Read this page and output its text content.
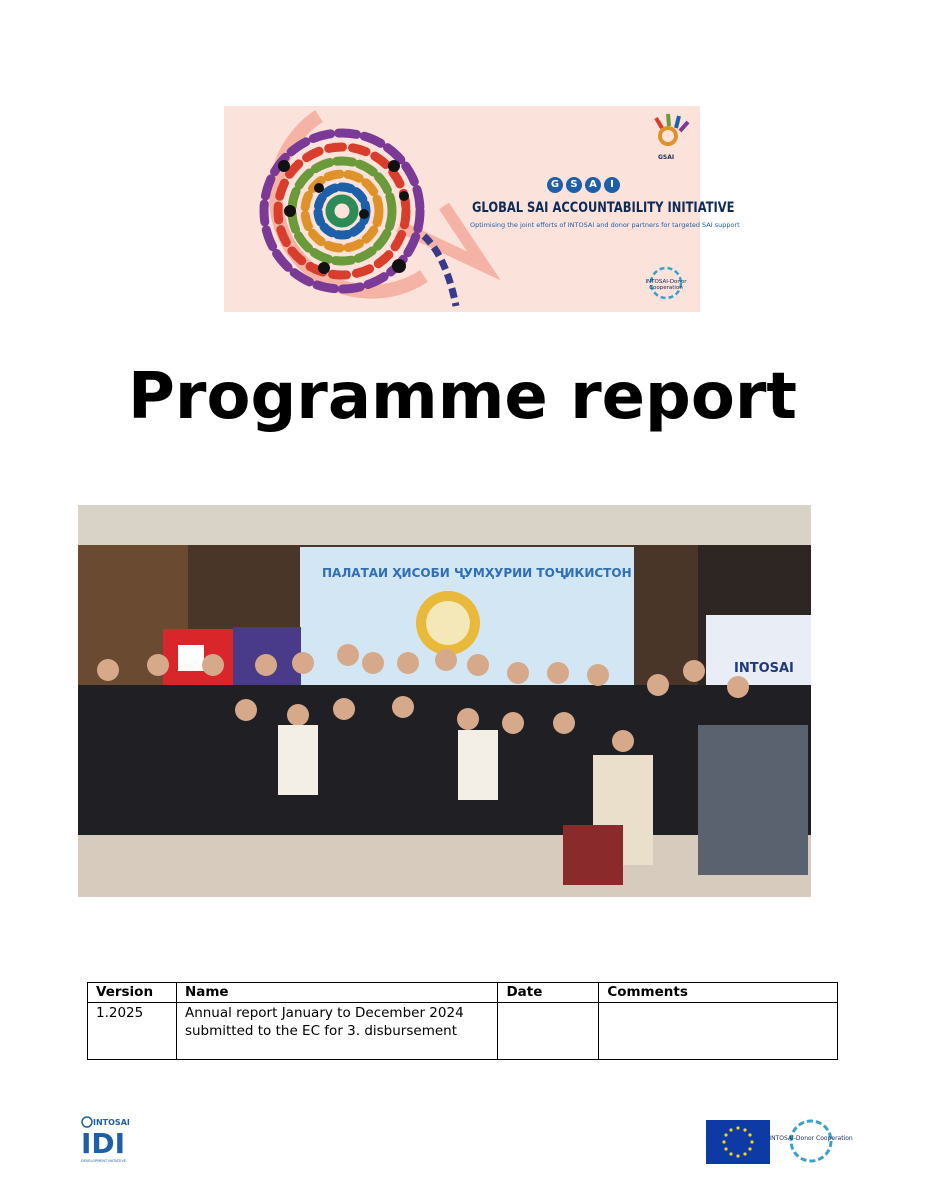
GSAI
G S A I
GLOBAL SAI ACCOUNTABILITY INITIATIVE
Optimising the joint efforts of INTOSAI and donor partners for targeted SAI support
INTOSAI-Donor Cooperation
Programme report
ПАЛАТАИ ҲИСОБИ ҶУМҲУРИИ ТОҶИКИСТОН
INTOSAI
Version	Name	Date	Comments
1.2025	Annual report January to December 2024 submitted to the EC for 3. disbursement		
INTOSAI
IDI
DEVELOPMENT INITIATIVE
INTOSAI-Donor Cooperation
